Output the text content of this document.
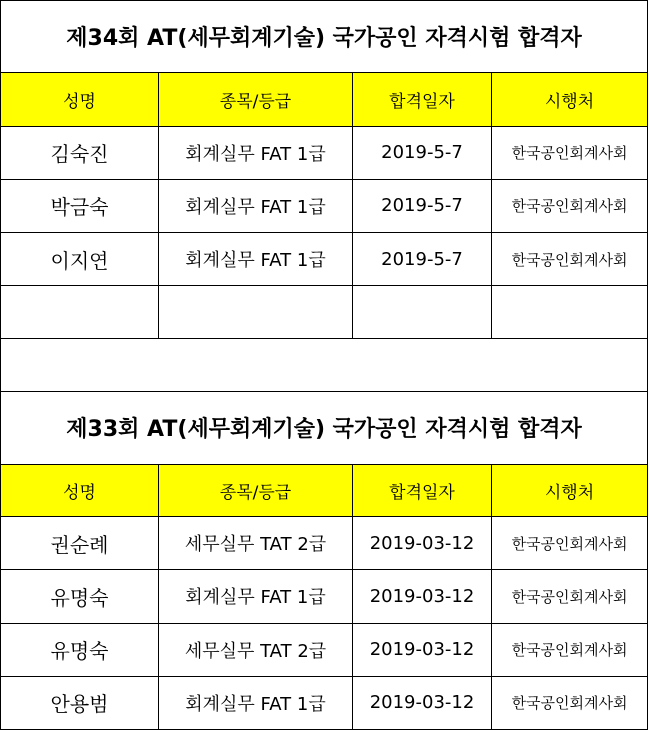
제34회 AT(세무회계기술) 국가공인 자격시험 합격자			
성명	종목/등급	합격일자	시행처
김숙진	회계실무 FAT 1급	2019-5-7	한국공인회계사회
박금숙	회계실무 FAT 1급	2019-5-7	한국공인회계사회
이지연	회계실무 FAT 1급	2019-5-7	한국공인회계사회

제33회 AT(세무회계기술) 국가공인 자격시험 합격자			
성명	종목/등급	합격일자	시행처
권순례	세무실무 TAT 2급	2019-03-12	한국공인회계사회
유명숙	회계실무 FAT 1급	2019-03-12	한국공인회계사회
유명숙	세무실무 TAT 2급	2019-03-12	한국공인회계사회
안용범	회계실무 FAT 1급	2019-03-12	한국공인회계사회
